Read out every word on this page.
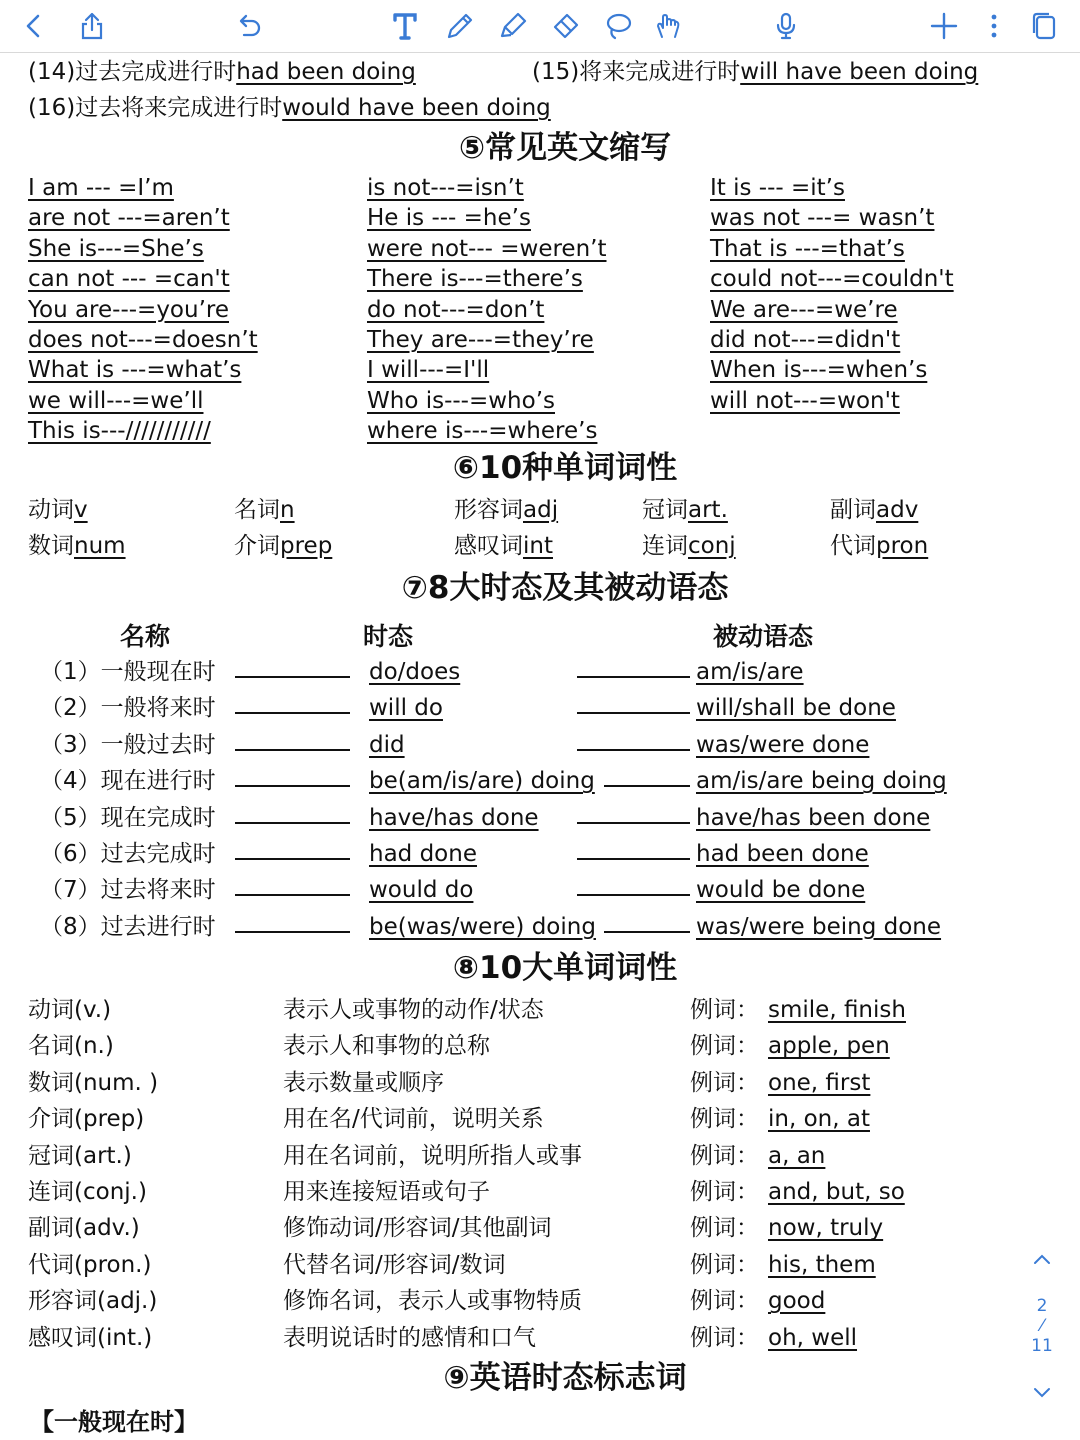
(14)过去完成进行时had been doing	(15)将来完成进行时will have been doing
(16)过去将来完成进行时would have been doing
⑤常见英文缩写
I am --- =I’m	is not---=isn’t	It is --- =it’s
are not ---=aren’t	He is --- =he’s	was not ---= wasn’t
She is---=She’s	were not--- =weren’t	That is ---=that’s
can not --- =can't	There is---=there’s	could not---=couldn't
You are---=you’re	do not---=don’t	We are---=we’re
does not---=doesn’t	They are---=they’re	did not---=didn't
What is ---=what’s	I will---=I'll	When is---=when’s
we will---=we’ll	Who is---=who’s	will not---=won't
This is---///////////	where is---=where’s
⑥10种单词词性
动词v	名词n	形容词adj	冠词art.	副词adv
数词num	介词prep	感叹词int	连词conj	代词pron
⑦8大时态及其被动语态
名称	时态	被动语态
（1）一般现在时	do/does	am/is/are
（2）一般将来时	will do	will/shall be done
（3）一般过去时	did	was/were done
（4）现在进行时	be(am/is/are) doing	am/is/are being doing
（5）现在完成时	have/has done	have/has been done
（6）过去完成时	had done	had been done
（7）过去将来时	would do	would be done
（8）过去进行时	be(was/were) doing	was/were being done
⑧10大单词词性
动词(v.)	表示人或事物的动作/状态	例词： smile, finish
名词(n.)	表示人和事物的总称	例词： apple, pen
数词(num. )	表示数量或顺序	例词： one, first
介词(prep)	用在名/代词前，说明关系	例词： in, on, at
冠词(art.)	用在名词前，说明所指人或事	例词： a, an
连词(conj.)	用来连接短语或句子	例词： and, but, so
副词(adv.)	修饰动词/形容词/其他副词	例词： now, truly
代词(pron.)	代替名词/形容词/数词	例词： his, them
形容词(adj.)	修饰名词，表示人或事物特质	例词： good
感叹词(int.)	表明说话时的感情和口气	例词： oh, well
⑨英语时态标志词
【一般现在时】
2
⁄
11
